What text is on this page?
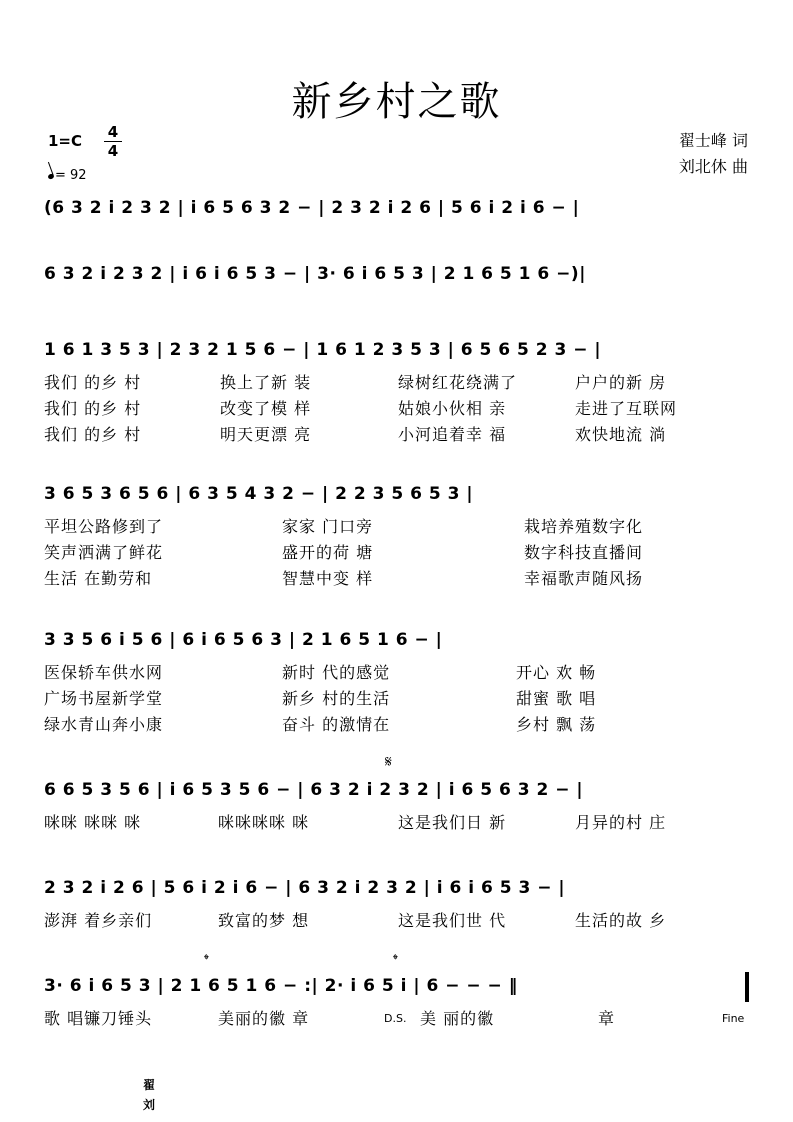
新乡村之歌
1=C 4
4
= 92
翟士峰 词
刘北休 曲
(6 3 2 i 2 3 2 | i 6 5 6 3 2 − | 2 3 2 i 2 6 | 5 6 i 2 i 6 − |
6 3 2 i 2 3 2 | i 6 i 6 5 3 − | 3· 6 i 6 5 3 | 2 1 6 5 1 6 −)|
1 6 1 3 5 3 | 2 3 2 1 5 6 − | 1 6 1 2 3 5 3 | 6 5 6 5 2 3 − |
我们 的乡 村	换上了新 装	绿树红花绕满了	户户的新 房
我们 的乡 村	改变了模 样	姑娘小伙相 亲	走进了互联网
我们 的乡 村	明天更漂 亮	小河追着幸 福	欢快地流 淌
3 6 5 3 6 5 6 | 6 3 5 4 3 2 − | 2 2 3 5 6 5 3 |
平坦公路修到了	家家 门口旁	栽培养殖数字化
笑声洒满了鲜花	盛开的荷 塘	数字科技直播间
生活 在勤劳和	智慧中变 样	幸福歌声随风扬
3 3 5 6 i 5 6 | 6 i 6 5 6 3 | 2 1 6 5 1 6 − |
医保轿车供水网	新时 代的感觉	开心 欢 畅
广场书屋新学堂	新乡 村的生活	甜蜜 歌 唱
绿水青山奔小康	奋斗 的激情在	乡村 飘 荡
𝄋
6 6 5 3 5 6 | i 6 5 3 5 6 − | 6 3 2 i 2 3 2 | i 6 5 6 3 2 − |
咪咪 咪咪 咪	咪咪咪咪 咪	这是我们日 新	月异的村 庄
2 3 2 i 2 6 | 5 6 i 2 i 6 − | 6 3 2 i 2 3 2 | i 6 i 6 5 3 − |
澎湃 着乡亲们	致富的梦 想	这是我们世 代	生活的故 乡
𝄌	𝄌
3· 6 i 6 5 3 | 2 1 6 5 1 6 − :| 2· i 6 5 i | 6 − − − ‖
歌 唱镰刀锤头	美丽的徽 章	D.S. 美 丽的徽	章	Fine
翟
刘
